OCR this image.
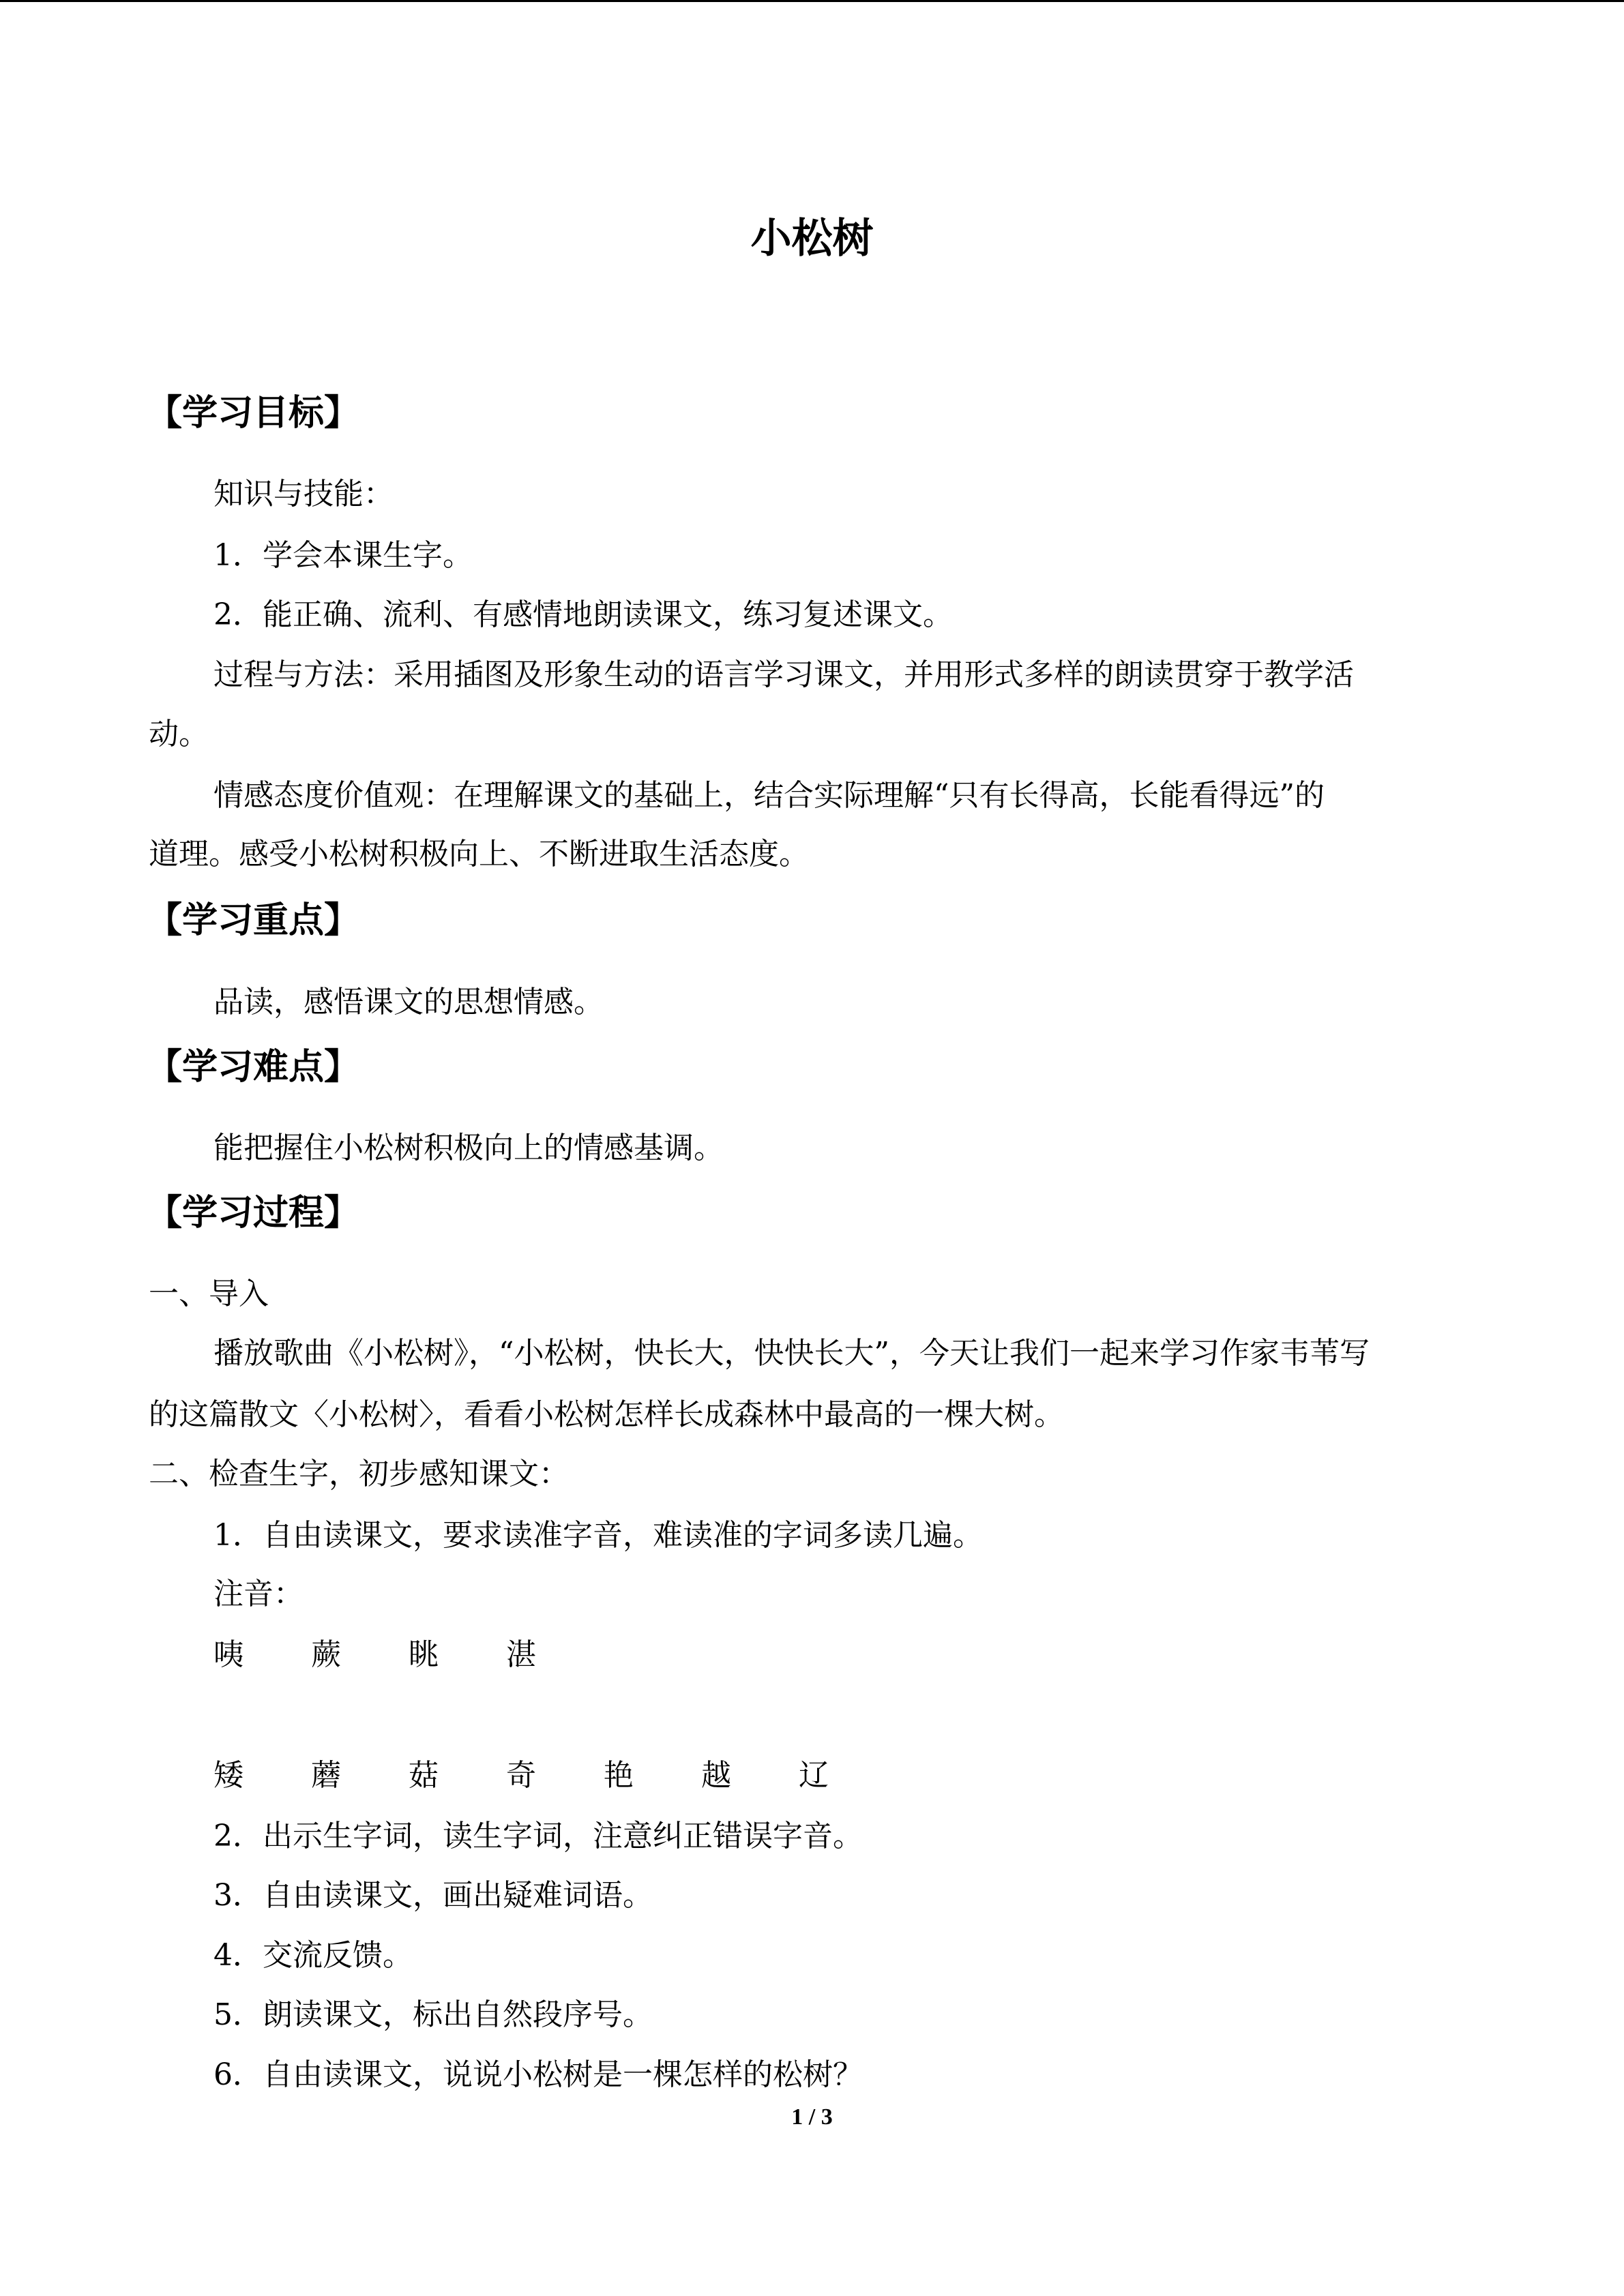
小松树
【学习目标】
知识与技能：
1．学会本课生字。
2．能正确、流利、有感情地朗读课文，练习复述课文。
过程与方法：采用插图及形象生动的语言学习课文，并用形式多样的朗读贯穿于教学活
动。
情感态度价值观：在理解课文的基础上，结合实际理解“只有长得高，长能看得远”的
道理。感受小松树积极向上、不断进取生活态度。
【学习重点】
品读，感悟课文的思想情感。
【学习难点】
能把握住小松树积极向上的情感基调。
【学习过程】
一、导入
播放歌曲《小松树》，“小松树，快长大，快快长大”，今天让我们一起来学习作家韦苇写
的这篇散文〈小松树〉，看看小松树怎样长成森林中最高的一棵大树。
二、检查生字，初步感知课文：
1．自由读课文，要求读准字音，难读准的字词多读几遍。
注音：
咦 蕨 眺 湛
矮 蘑 菇 奇 艳 越 辽
2．出示生字词，读生字词，注意纠正错误字音。
3．自由读课文，画出疑难词语。
4．交流反馈。
5．朗读课文，标出自然段序号。
6．自由读课文，说说小松树是一棵怎样的松树？
1 / 3
